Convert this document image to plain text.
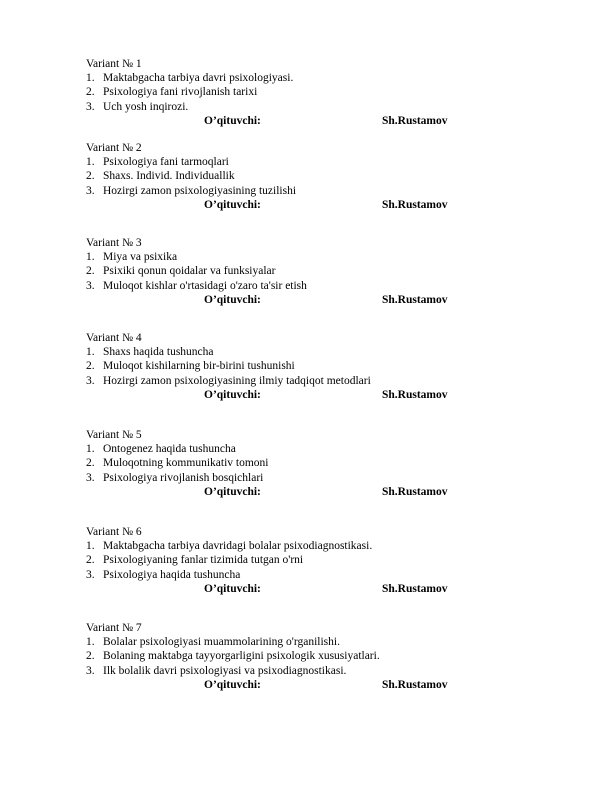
Variant № 1
1. Maktabgacha tarbiya davri psixologiyasi.
2. Psixologiya fani rivojlanish tarixi
3. Uch yosh inqirozi.
O’qituvchi:	Sh.Rustamov
Variant № 2
1. Psixologiya fani tarmoqlari
2. Shaxs. Individ. Individuallik
3. Hozirgi zamon psixologiyasining tuzilishi
O’qituvchi:	Sh.Rustamov
Variant № 3
1. Miya va psixika
2. Psixiki qonun qoidalar va funksiyalar
3. Muloqot kishlar o'rtasidagi o'zaro ta'sir etish
O’qituvchi:	Sh.Rustamov
Variant № 4
1. Shaxs haqida tushuncha
2. Muloqot kishilarning bir-birini tushunishi
3. Hozirgi zamon psixologiyasining ilmiy tadqiqot metodlari
O’qituvchi:	Sh.Rustamov
Variant № 5
1. Ontogenez haqida tushuncha
2. Muloqotning kommunikativ tomoni
3. Psixologiya rivojlanish bosqichlari
O’qituvchi:	Sh.Rustamov
Variant № 6
1. Maktabgacha tarbiya davridagi bolalar psixodiagnostikasi.
2. Psixologiyaning fanlar tizimida tutgan o'rni
3. Psixologiya haqida tushuncha
O’qituvchi:	Sh.Rustamov
Variant № 7
1. Bolalar psixologiyasi muammolarining o'rganilishi.
2. Bolaning maktabga tayyorgarligini psixologik xususiyatlari.
3. Ilk bolalik davri psixologiyasi va psixodiagnostikasi.
O’qituvchi:	Sh.Rustamov
